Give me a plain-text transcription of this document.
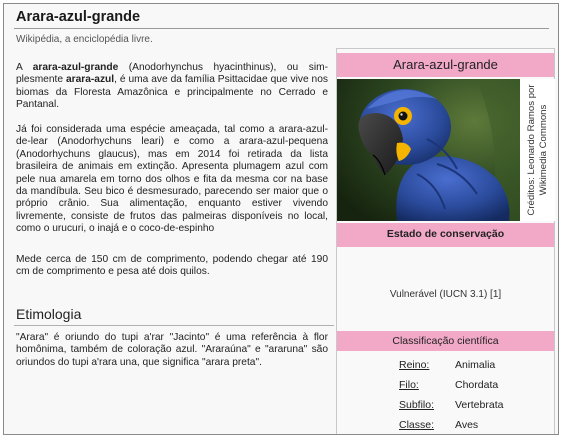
Arara-azul-grande
Wikipédia, a enciclopédia livre.

A arara-azul-grande (Anodorhynchus hyacinthinus), ou simplesmente arara-azul, é uma ave da família Psittacidae que vive nos biomas da Floresta Amazônica e principalmente no Cerrado e Pantanal.

Já foi considerada uma espécie ameaçada, tal como a arara-azul-de-lear (Anodorhychuns leari) e como a arara-azul-pequena (Anodorhychuns glaucus), mas em 2014 foi retirada da lista brasileira de animais em extinção. Apresenta plumagem azul com pele nua amarela em torno dos olhos e fita da mesma cor na base da mandíbula. Seu bico é desmesurado, parecendo ser maior que o próprio crânio. Sua alimentação, enquanto estiver vivendo livremente, consiste de frutos das palmeiras disponíveis no local, como o urucuri, o inajá e o coco-de-espinho

Mede cerca de 150 cm de comprimento, podendo chegar até 190 cm de comprimento e pesa até dois quilos.

Etimologia

"Arara" é oriundo do tupi a'rar "Jacinto" é uma referência à flor homônima, também de coloração azul. "Araraúna" e "araruna" são oriundos do tupi a'rara una, que significa "arara preta".

Arara-azul-grande
Créditos: Leonardo Ramos por Wikimedia Commons
Estado de conservação
Vulnerável (IUCN 3.1) [1]
Classificação científica
Reino: Animalia
Filo:	Chordata
Subfilo: Vertebrata
Classe: Aves
